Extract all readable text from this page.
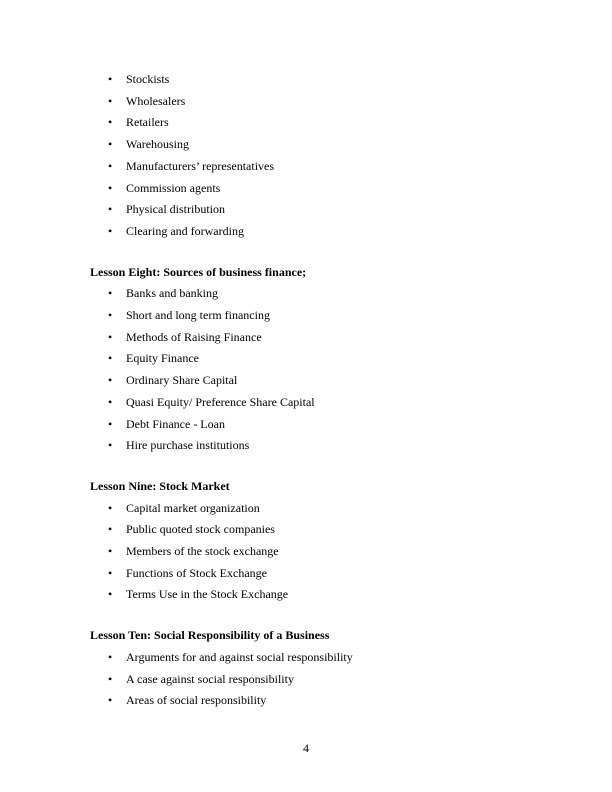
• Stockists
• Wholesalers
• Retailers
• Warehousing
• Manufacturers’ representatives
• Commission agents
• Physical distribution
• Clearing and forwarding

Lesson Eight: Sources of business finance;

• Banks and banking
• Short and long term financing
• Methods of Raising Finance
• Equity Finance
• Ordinary Share Capital
• Quasi Equity/ Preference Share Capital
• Debt Finance - Loan
• Hire purchase institutions

Lesson Nine: Stock Market

• Capital market organization
• Public quoted stock companies
• Members of the stock exchange
• Functions of Stock Exchange
• Terms Use in the Stock Exchange

Lesson Ten: Social Responsibility of a Business

• Arguments for and against social responsibility
• A case against social responsibility
• Areas of social responsibility
4
